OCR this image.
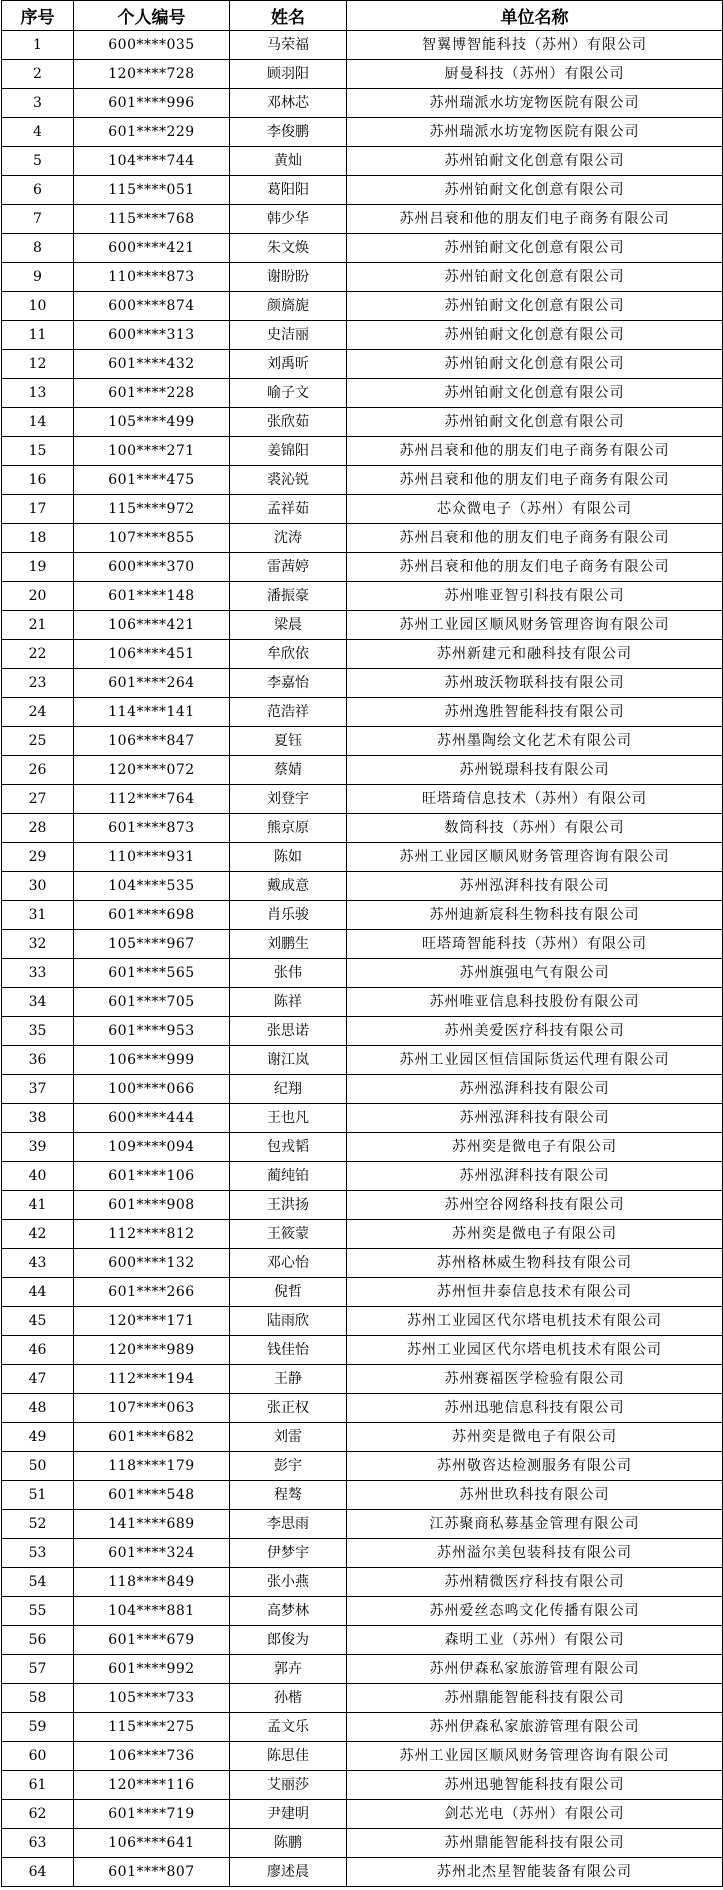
序号	个人编号	姓名	单位名称
1	600****035	马荣福	智翼博智能科技（苏州）有限公司
2	120****728	顾羽阳	厨曼科技（苏州）有限公司
3	601****996	邓林芯	苏州瑞派水坊宠物医院有限公司
4	601****229	李俊鹏	苏州瑞派水坊宠物医院有限公司
5	104****744	黄灿	苏州铂耐文化创意有限公司
6	115****051	葛阳阳	苏州铂耐文化创意有限公司
7	115****768	韩少华	苏州吕衰和他的朋友们电子商务有限公司
8	600****421	朱文焕	苏州铂耐文化创意有限公司
9	110****873	谢盼盼	苏州铂耐文化创意有限公司
10	600****874	颜旖旎	苏州铂耐文化创意有限公司
11	600****313	史洁丽	苏州铂耐文化创意有限公司
12	601****432	刘禹昕	苏州铂耐文化创意有限公司
13	601****228	喻子文	苏州铂耐文化创意有限公司
14	105****499	张欣茹	苏州铂耐文化创意有限公司
15	100****271	姜锦阳	苏州吕衰和他的朋友们电子商务有限公司
16	601****475	裘沁锐	苏州吕衰和他的朋友们电子商务有限公司
17	115****972	孟祥茹	芯众微电子（苏州）有限公司
18	107****855	沈涛	苏州吕衰和他的朋友们电子商务有限公司
19	600****370	雷茜婷	苏州吕衰和他的朋友们电子商务有限公司
20	601****148	潘振豪	苏州唯亚智引科技有限公司
21	106****421	梁晨	苏州工业园区顺风财务管理咨询有限公司
22	106****451	牟欣依	苏州新建元和融科技有限公司
23	601****264	李嘉怡	苏州玻沃物联科技有限公司
24	114****141	范浩祥	苏州逸胜智能科技有限公司
25	106****847	夏钰	苏州墨陶绘文化艺术有限公司
26	120****072	蔡婧	苏州锐璟科技有限公司
27	112****764	刘登宇	旺塔琦信息技术（苏州）有限公司
28	601****873	熊京原	数筒科技（苏州）有限公司
29	110****931	陈如	苏州工业园区顺风财务管理咨询有限公司
30	104****535	戴成意	苏州泓湃科技有限公司
31	601****698	肖乐骏	苏州迪新宸科生物科技有限公司
32	105****967	刘鹏生	旺塔琦智能科技（苏州）有限公司
33	601****565	张伟	苏州旗强电气有限公司
34	601****705	陈祥	苏州唯亚信息科技股份有限公司
35	601****953	张思诺	苏州美爱医疗科技有限公司
36	106****999	谢江岚	苏州工业园区恒信国际货运代理有限公司
37	100****066	纪翔	苏州泓湃科技有限公司
38	600****444	王也凡	苏州泓湃科技有限公司
39	109****094	包戎韬	苏州奕是微电子有限公司
40	601****106	蔺纯铂	苏州泓湃科技有限公司
41	601****908	王洪扬	苏州空谷网络科技有限公司
42	112****812	王筱蒙	苏州奕是微电子有限公司
43	600****132	邓心怡	苏州格林威生物科技有限公司
44	601****266	倪哲	苏州恒井泰信息技术有限公司
45	120****171	陆雨欣	苏州工业园区代尔塔电机技术有限公司
46	120****989	钱佳怡	苏州工业园区代尔塔电机技术有限公司
47	112****194	王静	苏州赛福医学检验有限公司
48	107****063	张正权	苏州迅驰信息科技有限公司
49	601****682	刘雷	苏州奕是微电子有限公司
50	118****179	彭宇	苏州敬咨达检测服务有限公司
51	601****548	程骜	苏州世玖科技有限公司
52	141****689	李思雨	江苏聚商私募基金管理有限公司
53	601****324	伊梦宇	苏州溢尔美包装科技有限公司
54	118****849	张小燕	苏州精微医疗科技有限公司
55	104****881	高梦林	苏州爱丝态鸣文化传播有限公司
56	601****679	郎俊为	森明工业（苏州）有限公司
57	601****992	郭卉	苏州伊森私家旅游管理有限公司
58	105****733	孙楷	苏州鼎能智能科技有限公司
59	115****275	孟文乐	苏州伊森私家旅游管理有限公司
60	106****736	陈思佳	苏州工业园区顺风财务管理咨询有限公司
61	120****116	艾丽莎	苏州迅驰智能科技有限公司
62	601****719	尹建明	剑芯光电（苏州）有限公司
63	106****641	陈鹏	苏州鼎能智能科技有限公司
64	601****807	廖述晨	苏州北杰星智能装备有限公司
